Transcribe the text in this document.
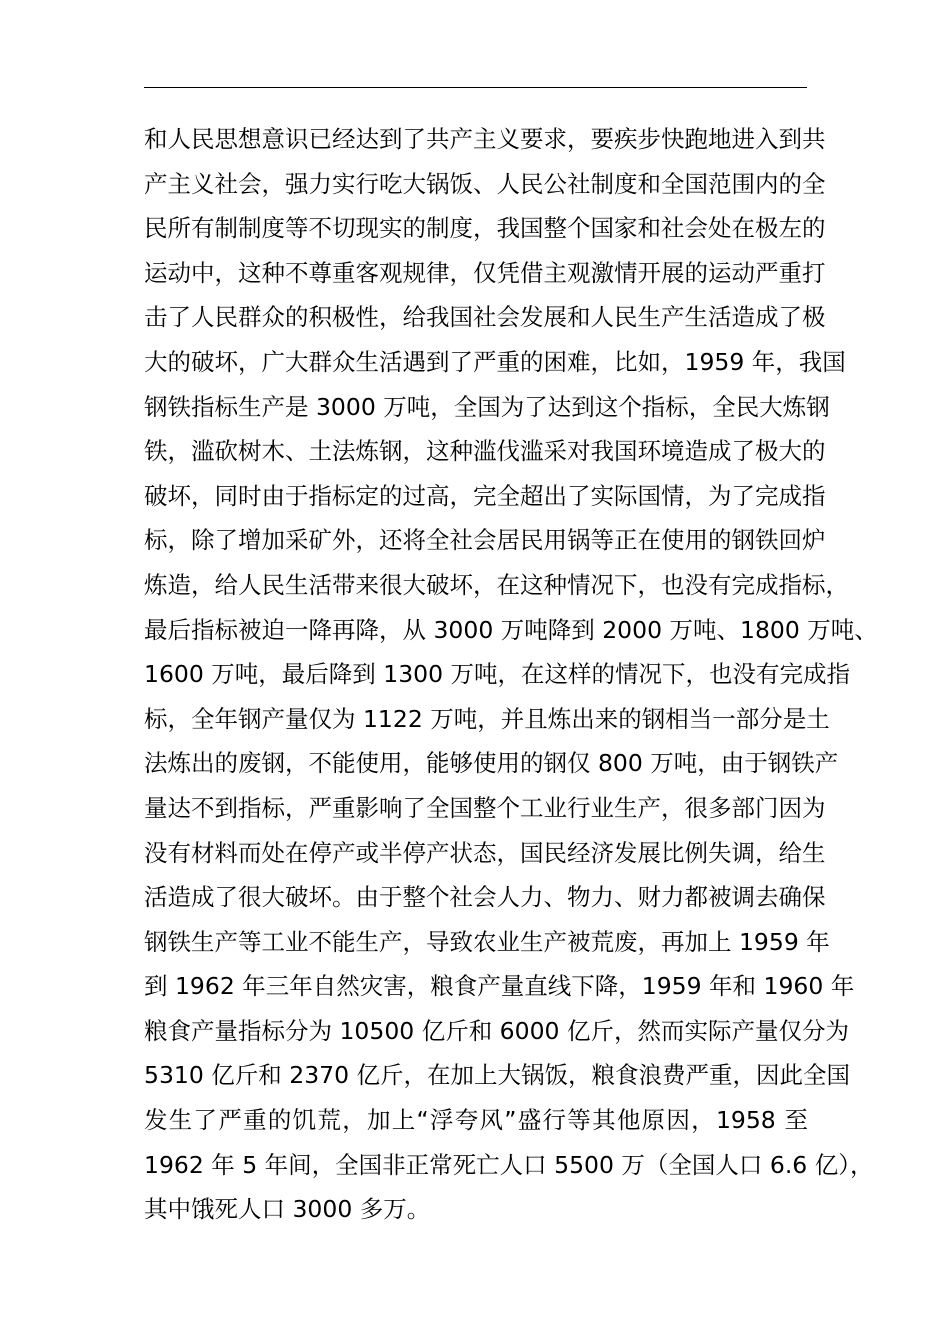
和人民思想意识已经达到了共产主义要求，要疾步快跑地进入到共
产主义社会，强力实行吃大锅饭、人民公社制度和全国范围内的全
民所有制制度等不切现实的制度，我国整个国家和社会处在极左的
运动中，这种不尊重客观规律，仅凭借主观激情开展的运动严重打
击了人民群众的积极性，给我国社会发展和人民生产生活造成了极
大的破坏，广大群众生活遇到了严重的困难，比如，1959 年，我国
钢铁指标生产是 3000 万吨，全国为了达到这个指标，全民大炼钢
铁，滥砍树木、土法炼钢，这种滥伐滥采对我国环境造成了极大的
破坏，同时由于指标定的过高，完全超出了实际国情，为了完成指
标，除了增加采矿外，还将全社会居民用锅等正在使用的钢铁回炉
炼造，给人民生活带来很大破坏，在这种情况下，也没有完成指标，
最后指标被迫一降再降，从 3000 万吨降到 2000 万吨、1800 万吨、
1600 万吨，最后降到 1300 万吨，在这样的情况下，也没有完成指
标，全年钢产量仅为 1122 万吨，并且炼出来的钢相当一部分是土
法炼出的废钢，不能使用，能够使用的钢仅 800 万吨，由于钢铁产
量达不到指标，严重影响了全国整个工业行业生产，很多部门因为
没有材料而处在停产或半停产状态，国民经济发展比例失调，给生
活造成了很大破坏。由于整个社会人力、物力、财力都被调去确保
钢铁生产等工业不能生产，导致农业生产被荒废，再加上 1959 年
到 1962 年三年自然灾害，粮食产量直线下降，1959 年和 1960 年
粮食产量指标分为 10500 亿斤和 6000 亿斤，然而实际产量仅分为
5310 亿斤和 2370 亿斤，在加上大锅饭，粮食浪费严重，因此全国
发生了严重的饥荒，加上“浮夸风”盛行等其他原因，1958 至
1962 年 5 年间，全国非正常死亡人口 5500 万（全国人口 6.6 亿），
其中饿死人口 3000 多万。
